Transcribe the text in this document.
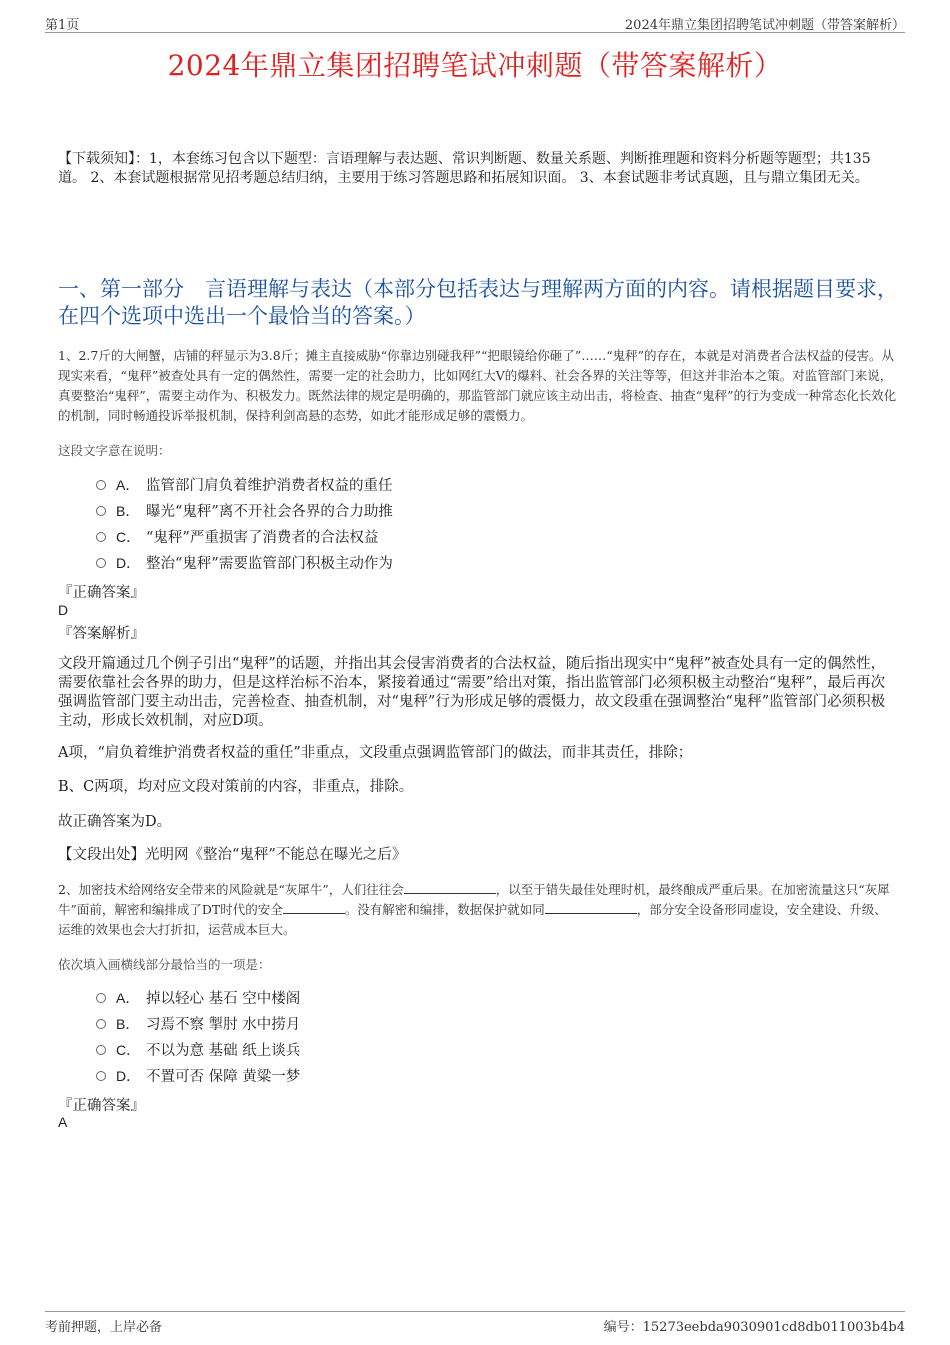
第1页	2024年鼎立集团招聘笔试冲刺题（带答案解析）
2024年鼎立集团招聘笔试冲刺题（带答案解析）
【下载须知】：1，本套练习包含以下题型：言语理解与表达题、常识判断题、数量关系题、判断推理题和资料分析题等题型；共135道。 2、本套试题根据常见招考题总结归纳，主要用于练习答题思路和拓展知识面。 3、本套试题非考试真题，且与鼎立集团无关。
一、第一部分　言语理解与表达（本部分包括表达与理解两方面的内容。请根据题目要求，在四个选项中选出一个最恰当的答案。）
1、2.7斤的大闸蟹，店铺的秤显示为3.8斤；摊主直接威胁“你靠边别碰我秤”“把眼镜给你砸了”……“鬼秤”的存在，本就是对消费者合法权益的侵害。从现实来看，“鬼秤”被查处具有一定的偶然性，需要一定的社会助力，比如网红大V的爆料、社会各界的关注等等，但这并非治本之策。对监管部门来说，真要整治“鬼秤”，需要主动作为、积极发力。既然法律的规定是明确的，那监管部门就应该主动出击，将检查、抽查“鬼秤”的行为变成一种常态化长效化的机制，同时畅通投诉举报机制，保持利剑高悬的态势，如此才能形成足够的震慑力。
这段文字意在说明：
A． 监管部门肩负着维护消费者权益的重任
B． 曝光“鬼秤”离不开社会各界的合力助推
C． “鬼秤”严重损害了消费者的合法权益
D． 整治“鬼秤”需要监管部门积极主动作为
『正确答案』
D
『答案解析』
文段开篇通过几个例子引出“鬼秤”的话题，并指出其会侵害消费者的合法权益，随后指出现实中“鬼秤”被查处具有一定的偶然性，需要依靠社会各界的助力，但是这样治标不治本，紧接着通过“需要”给出对策，指出监管部门必须积极主动整治“鬼秤”，最后再次强调监管部门要主动出击，完善检查、抽查机制，对“鬼秤”行为形成足够的震慑力，故文段重在强调整治“鬼秤”监管部门必须积极主动，形成长效机制，对应D项。
A项，“肩负着维护消费者权益的重任”非重点，文段重点强调监管部门的做法，而非其责任，排除；
B、C两项，均对应文段对策前的内容，非重点，排除。
故正确答案为D。
【文段出处】光明网《整治“鬼秤”不能总在曝光之后》
2、加密技术给网络安全带来的风险就是“灰犀牛”，人们往往会	，以至于错失最佳处理时机，最终酿成严重后果。在加密流量这只“灰犀牛”面前，解密和编排成了DT时代的安全	。没有解密和编排，数据保护就如同	，部分安全设备形同虚设，安全建设、升级、运维的效果也会大打折扣，运营成本巨大。
依次填入画横线部分最恰当的一项是：
A． 掉以轻心 基石 空中楼阁
B． 习焉不察 掣肘 水中捞月
C． 不以为意 基础 纸上谈兵
D． 不置可否 保障 黄粱一梦
『正确答案』
A
考前押题，上岸必备	编号：15273eebda9030901cd8db011003b4b4
